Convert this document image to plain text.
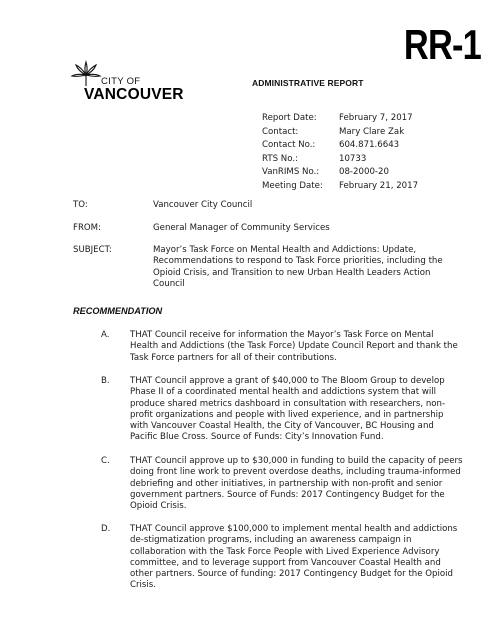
RR-1
CITY OF
VANCOUVER
ADMINISTRATIVE REPORT
Report Date:	February 7, 2017
Contact:	Mary Clare Zak
Contact No.:	604.871.6643
RTS No.:	10733
VanRIMS No.:	08-2000-20
Meeting Date:	February 21, 2017
TO:	Vancouver City Council
FROM:	General Manager of Community Services
SUBJECT:	Mayor’s Task Force on Mental Health and Addictions: Update, Recommendations to respond to Task Force priorities, including the Opioid Crisis, and Transition to new Urban Health Leaders Action Council
RECOMMENDATION
A.	THAT Council receive for information the Mayor’s Task Force on Mental Health and Addictions (the Task Force) Update Council Report and thank the Task Force partners for all of their contributions.
B.	THAT Council approve a grant of $40,000 to The Bloom Group to develop Phase II of a coordinated mental health and addictions system that will produce shared metrics dashboard in consultation with researchers, non- profit organizations and people with lived experience, and in partnership with Vancouver Coastal Health, the City of Vancouver, BC Housing and Pacific Blue Cross. Source of Funds: City’s Innovation Fund.
C.	THAT Council approve up to $30,000 in funding to build the capacity of peers doing front line work to prevent overdose deaths, including trauma-informed debriefing and other initiatives, in partnership with non-profit and senior government partners. Source of Funds: 2017 Contingency Budget for the Opioid Crisis.
D.	THAT Council approve $100,000 to implement mental health and addictions de-stigmatization programs, including an awareness campaign in collaboration with the Task Force People with Lived Experience Advisory committee, and to leverage support from Vancouver Coastal Health and other partners. Source of funding: 2017 Contingency Budget for the Opioid Crisis.
